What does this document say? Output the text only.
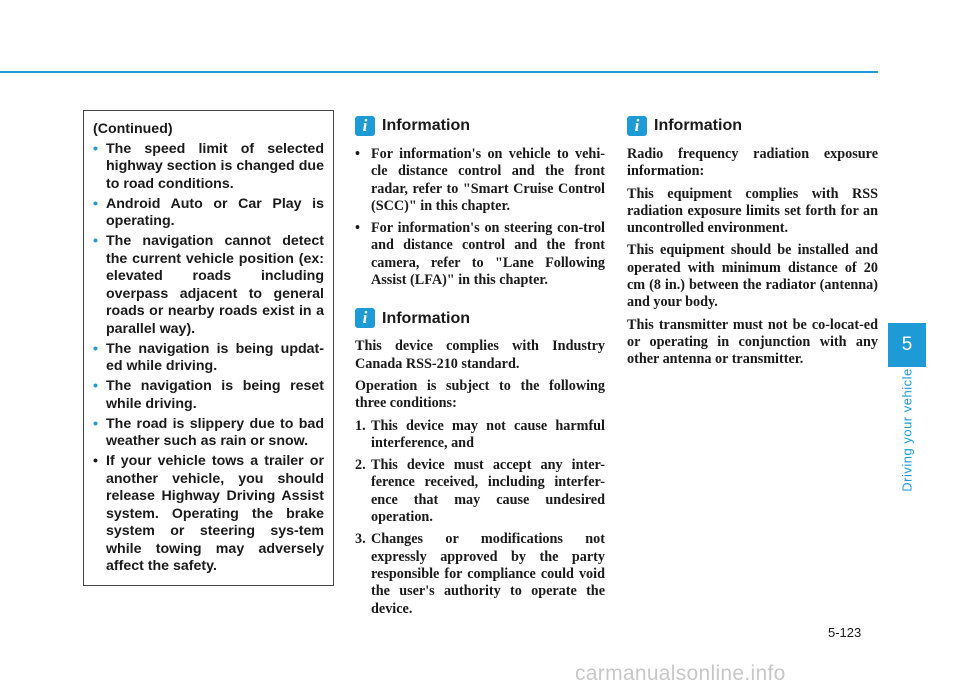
(Continued)
• The speed limit of selected highway section is changed due to road conditions.
• Android Auto or Car Play is operating.
• The navigation cannot detect the current vehicle position (ex: elevated roads including overpass adjacent to general roads or nearby roads exist in a parallel way).
• The navigation is being updat-ed while driving.
• The navigation is being reset while driving.
• The road is slippery due to bad weather such as rain or snow.
• If your vehicle tows a trailer or another vehicle, you should release Highway Driving Assist system. Operating the brake system or steering sys-tem while towing may adversely affect the safety.
i Information
• For information's on vehicle to vehi-cle distance control and the front radar, refer to "Smart Cruise Control (SCC)" in this chapter.
• For information's on steering con-trol and distance control and the front camera, refer to "Lane Following Assist (LFA)" in this chapter.
i Information

This device complies with Industry Canada RSS-210 standard.

Operation is subject to the following three conditions:

1. This device may not cause harmful interference, and
2. This device must accept any inter-ference received, including interfer-ence that may cause undesired operation.
3. Changes or modifications not expressly approved by the party responsible for compliance could void the user's authority to operate the device.
i Information

Radio frequency radiation exposure information:

This equipment complies with RSS radiation exposure limits set forth for an uncontrolled environment.

This equipment should be installed and operated with minimum distance of 20 cm (8 in.) between the radiator (antenna) and your body.

This transmitter must not be co-locat-ed or operating in conjunction with any other antenna or transmitter.

5
Driving your vehicle
5-123
carmanualsonline.info
